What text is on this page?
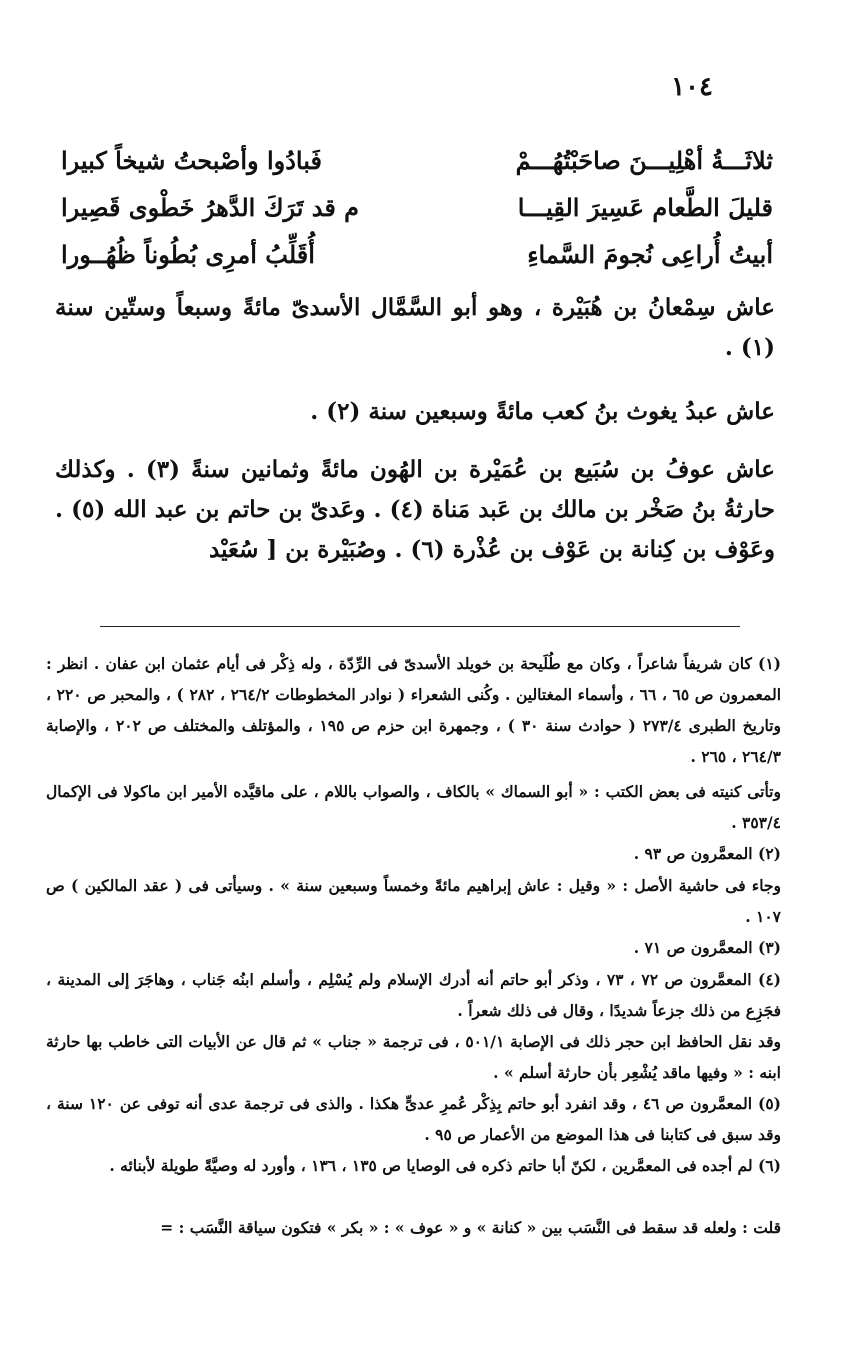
١٠٤
ثلاثَـــةُ أهْلِيـــنَ صاحَبْتُهُـــمْ
فَبادُوا وأصْبحتُ شيخاً كبيرا
قليلَ الطَّعام عَسِيرَ القِيـــا
م قد تَرَكَ الدَّهرُ خَطْوى قَصِيرا
أبيتُ أُراعِى نُجومَ السَّماءِ
أُقَلِّبُ أمرِى بُطُوناً ظُهُــورا

عاش سِمْعانُ بن هُبَيْرة ، وهو أبو السَّمَّال الأسدىّ مائةً وسبعاً وستّين سنة (١) .

عاش عبدُ يغوث بنُ كعب مائةً وسبعين سنة (٢) .

عاش عوفُ بن سُبَيع بن عُمَيْرة بن الهُون مائةً وثمانين سنةً (٣) . وكذلك حارثةُ بنُ صَخْر بن مالك بن عَبد مَناة (٤) . وعَدىّ بن حاتم بن عبد الله (٥) . وعَوْف بن كِنانة بن عَوْف بن عُذْرة (٦) . وصُبَيْرة بن [ سُعَيْد

(١) كان شريفاً شاعراً ، وكان مع طُلَيحة بن خويلد الأسدىّ فى الرِّدّة ، وله ذِكْر فى أيام عثمان ابن عفان . انظر : المعمرون ص ٦٥ ، ٦٦ ، وأسماء المغتالين . وكُنى الشعراء ( نوادر المخطوطات ٢٦٤/٢ ، ٢٨٢ ) ، والمحبر ص ٢٢٠ ، وتاريخ الطبرى ٢٧٣/٤ ( حوادث سنة ٣٠ ) ، وجمهرة ابن حزم ص ١٩٥ ، والمؤتلف والمختلف ص ٢٠٢ ، والإصابة ٢٦٤/٣ ، ٢٦٥ .

وتأتى كنيته فى بعض الكتب : « أبو السماك » بالكاف ، والصواب باللام ، على ماقيَّده الأمير ابن ماكولا فى الإكمال ٣٥٣/٤ .

(٢) المعمَّرون ص ٩٣ .

وجاء فى حاشية الأصل : « وقيل : عاش إبراهيم مائةً وخمساً وسبعين سنة » . وسيأتى فى ( عقد المالكين ) ص ١٠٧ .

(٣) المعمَّرون ص ٧١ .

(٤) المعمَّرون ص ٧٢ ، ٧٣ ، وذكر أبو حاتم أنه أدرك الإسلام ولم يُسْلِم ، وأسلم ابنُه جَناب ، وهاجَرَ إلى المدينة ، فجَزِع من ذلك جزعاً شديدًا ، وقال فى ذلك شعراً .

وقد نقل الحافظ ابن حجر ذلك فى الإصابة ٥٠١/١ ، فى ترجمة « جناب » ثم قال عن الأبيات التى خاطب بها حارثة ابنه : « وفيها ماقد يُشْعِر بأن حارثة أسلم » .

(٥) المعمَّرون ص ٤٦ ، وقد انفرد أبو حاتم بِذِكْر عُمرِ عدىٍّ هكذا . والذى فى ترجمة عدى أنه توفى عن ١٢٠ سنة ، وقد سبق فى كتابنا فى هذا الموضع من الأعمار ص ٩٥ .

(٦) لم أجده فى المعمَّرين ، لكنّ أبا حاتم ذكره فى الوصايا ص ١٣٥ ، ١٣٦ ، وأورد له وصيَّةً طويلة لأبنائه .

قلت : ولعله قد سقط فى النَّسَب بين « كنانة » و « عوف » : « بكر » فتكون سياقة النَّسَب : =
